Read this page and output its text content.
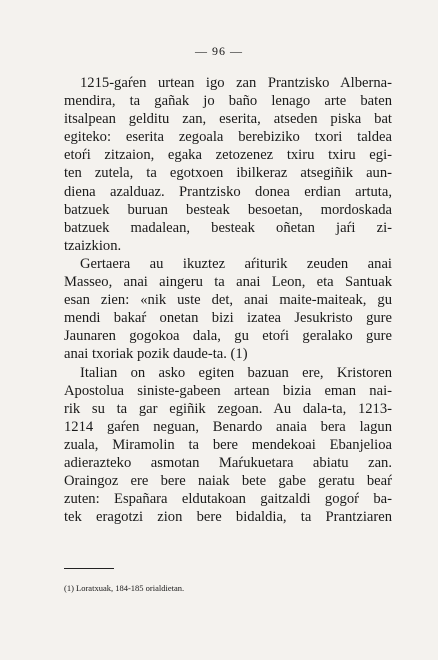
— 96 —
1215-gaŕen urtean igo zan Prantzisko Alberna-
mendira, ta gañak jo baño lenago arte baten
itsalpean gelditu zan, eserita, atseden piska bat
egiteko: eserita zegoala berebiziko txori taldea
etoŕi zitzaion, egaka zetozenez txiru txiru egi-
ten zutela, ta egotxoen ibilkeraz atsegiñik aun-
diena azalduaz. Prantzisko donea erdian artuta,
batzuek buruan besteak besoetan, mordoskada
batzuek madalean, besteak oñetan jaŕi zi-
tzaizkion.
Gertaera au ikuztez aŕiturik zeuden anai
Masseo, anai aingeru ta anai Leon, eta Santuak
esan zien: «nik uste det, anai maite-maiteak, gu
mendi bakaŕ onetan bizi izatea Jesukristo gure
Jaunaren gogokoa dala, gu etoŕi geralako gure
anai txoriak pozik daude-ta. (1)
Italian on asko egiten bazuan ere, Kristoren
Apostolua siniste-gabeen artean bizia eman nai-
rik su ta gar egiñik zegoan. Au dala-ta, 1213-
1214 gaŕen neguan, Benardo anaia bera lagun
zuala, Miramolin ta bere mendekoai Ebanjelioa
adierazteko asmotan Maŕukuetara abiatu zan.
Oraingoz ere bere naiak bete gabe geratu beaŕ
zuten: Españara eldutakoan gaitzaldi gogoŕ ba-
tek eragotzi zion bere bidaldia, ta Prantziaren
(1) Loratxuak, 184-185 orialdietan.
